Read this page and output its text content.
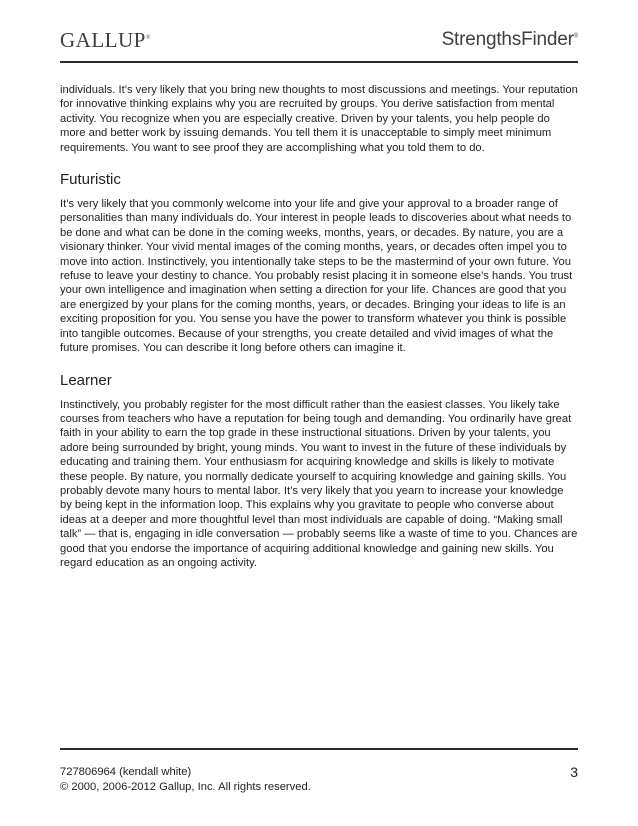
GALLUP®	StrengthsFinder®

individuals. It’s very likely that you bring new thoughts to most discussions and meetings. Your reputation for innovative thinking explains why you are recruited by groups. You derive satisfaction from mental activity. You recognize when you are especially creative. Driven by your talents, you help people do more and better work by issuing demands. You tell them it is unacceptable to simply meet minimum requirements. You want to see proof they are accomplishing what you told them to do.

Futuristic

It’s very likely that you commonly welcome into your life and give your approval to a broader range of personalities than many individuals do. Your interest in people leads to discoveries about what needs to be done and what can be done in the coming weeks, months, years, or decades. By nature, you are a visionary thinker. Your vivid mental images of the coming months, years, or decades often impel you to move into action. Instinctively, you intentionally take steps to be the mastermind of your own future. You refuse to leave your destiny to chance. You probably resist placing it in someone else’s hands. You trust your own intelligence and imagination when setting a direction for your life. Chances are good that you are energized by your plans for the coming months, years, or decades. Bringing your ideas to life is an exciting proposition for you. You sense you have the power to transform whatever you think is possible into tangible outcomes. Because of your strengths, you create detailed and vivid images of what the future promises. You can describe it long before others can imagine it.

Learner

Instinctively, you probably register for the most difficult rather than the easiest classes. You likely take courses from teachers who have a reputation for being tough and demanding. You ordinarily have great faith in your ability to earn the top grade in these instructional situations. Driven by your talents, you adore being surrounded by bright, young minds. You want to invest in the future of these individuals by educating and training them. Your enthusiasm for acquiring knowledge and skills is likely to motivate these people. By nature, you normally dedicate yourself to acquiring knowledge and gaining skills. You probably devote many hours to mental labor. It’s very likely that you yearn to increase your knowledge by being kept in the information loop. This explains why you gravitate to people who converse about ideas at a deeper and more thoughtful level than most individuals are capable of doing. “Making small talk” — that is, engaging in idle conversation — probably seems like a waste of time to you. Chances are good that you endorse the importance of acquiring additional knowledge and gaining new skills. You regard education as an ongoing activity.

727806964 (kendall white)
© 2000, 2006-2012 Gallup, Inc. All rights reserved.
3
